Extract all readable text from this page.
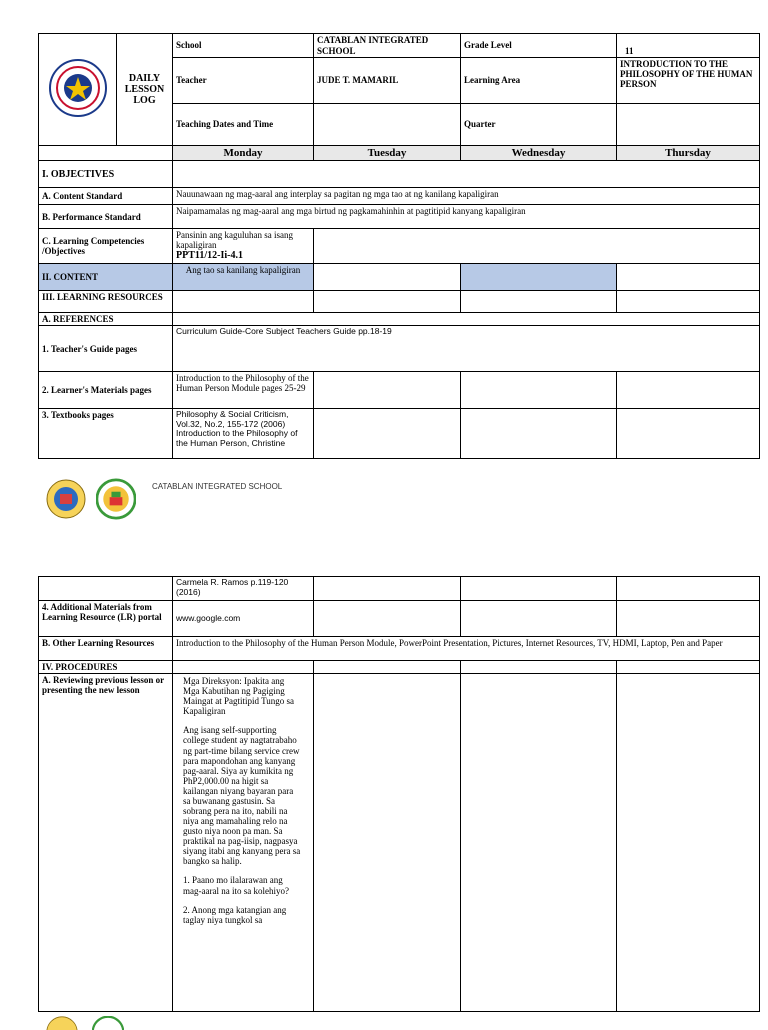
	DAILY LESSON LOG	School	CATABLAN INTEGRATED SCHOOL	Grade Level	11
		Teacher	JUDE T. MAMARIL	Learning Area	INTRODUCTION TO THE PHILOSOPHY OF THE HUMAN PERSON
		Teaching Dates and Time		Quarter	
		Monday	Tuesday	Wednesday	Thursday
I. OBJECTIVES					
A. Content Standard		Nauunawaan ng mag-aaral ang interplay sa pagitan ng mga tao at ng kanilang kapaligiran			
B. Performance Standard		Naipamamalas ng mag-aaral ang mga birtud ng pagkamahinhin at pagtitipid kanyang kapaligiran			
C. Learning Competencies /Objectives		Pansinin ang kaguluhan sa isang kapaligiran
PPT11/12-Ii-4.1			

II. CONTENT		Ang tao sa kanilang kapaligiran			
III. LEARNING RESOURCES					
A. REFERENCES					
1. Teacher's Guide pages		Curriculum Guide-Core Subject Teachers Guide pp.18-19			
2. Learner's Materials pages		Introduction to the Philosophy of the Human Person Module pages 25-29			
3. Textbooks pages		Philosophy & Social Criticism, Vol.32, No.2, 155-172 (2006) Introduction to the Philosophy of the Human Person, Christine			
CATABLAN INTEGRATED SCHOOL
	Carmela R. Ramos p.119-120 (2016)			
4. Additional Materials from Learning Resource (LR) portal	www.google.com			
B. Other Learning Resources	Introduction to the Philosophy of the Human Person Module, PowerPoint Presentation, Pictures, Internet Resources, TV, HDMI, Laptop, Pen and Paper			
IV. PROCEDURES				
A. Reviewing previous lesson or presenting the new lesson	Mga Direksyon: Ipakita ang Mga Kabutihan ng Pagiging Maingat at Pagtitipid Tungo sa Kapaligiran

Ang isang self-supporting college student ay nagtatrabaho ng part-time bilang service crew para mapondohan ang kanyang pag-aaral. Siya ay kumikita ng PhP2,000.00 na higit sa kailangan niyang bayaran para sa buwanang gastusin. Sa sobrang pera na ito, nabili na niya ang mamahaling relo na gusto niya noon pa man. Sa praktikal na pag-iisip, nagpasya siyang itabi ang kanyang pera sa bangko sa halip.

1. Paano mo ilalarawan ang mag-aaral na ito sa kolehiyo?

2. Anong mga katangian ang taglay niya tungkol sa			
